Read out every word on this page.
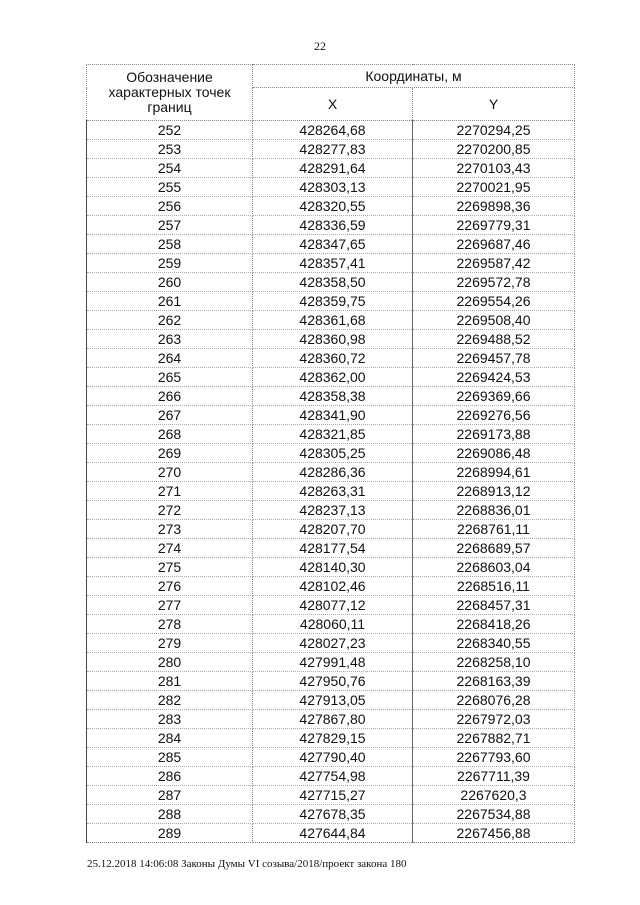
22
Обозначение характерных точек границ	Координаты, м	
	X	Y
252	428264,68	2270294,25
253	428277,83	2270200,85
254	428291,64	2270103,43
255	428303,13	2270021,95
256	428320,55	2269898,36
257	428336,59	2269779,31
258	428347,65	2269687,46
259	428357,41	2269587,42
260	428358,50	2269572,78
261	428359,75	2269554,26
262	428361,68	2269508,40
263	428360,98	2269488,52
264	428360,72	2269457,78
265	428362,00	2269424,53
266	428358,38	2269369,66
267	428341,90	2269276,56
268	428321,85	2269173,88
269	428305,25	2269086,48
270	428286,36	2268994,61
271	428263,31	2268913,12
272	428237,13	2268836,01
273	428207,70	2268761,11
274	428177,54	2268689,57
275	428140,30	2268603,04
276	428102,46	2268516,11
277	428077,12	2268457,31
278	428060,11	2268418,26
279	428027,23	2268340,55
280	427991,48	2268258,10
281	427950,76	2268163,39
282	427913,05	2268076,28
283	427867,80	2267972,03
284	427829,15	2267882,71
285	427790,40	2267793,60
286	427754,98	2267711,39
287	427715,27	2267620,3
288	427678,35	2267534,88
289	427644,84	2267456,88
25.12.2018 14:06:08 Законы Думы VI созыва/2018/проект закона 180
